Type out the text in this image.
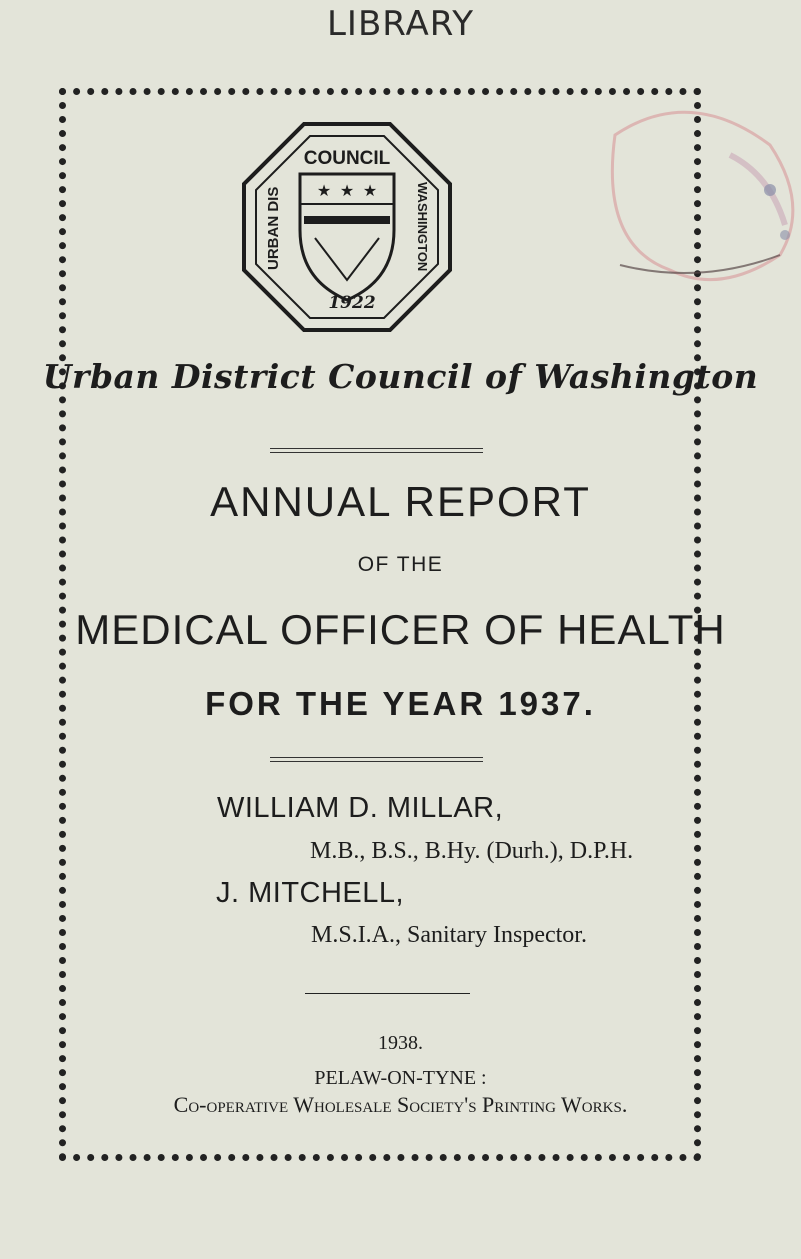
LIBRARY
★ ★ ★
COUNCIL
URBAN DIS	WASHINGTON
1922
Urban District Council of Washington
ANNUAL REPORT
OF THE
MEDICAL OFFICER OF HEALTH
FOR THE YEAR 1937.
WILLIAM D. MILLAR,
M.B., B.S., B.Hy. (Durh.), D.P.H.
J. MITCHELL,
M.S.I.A., Sanitary Inspector.
1938.
PELAW-ON-TYNE :
Co-operative Wholesale Society's Printing Works.
